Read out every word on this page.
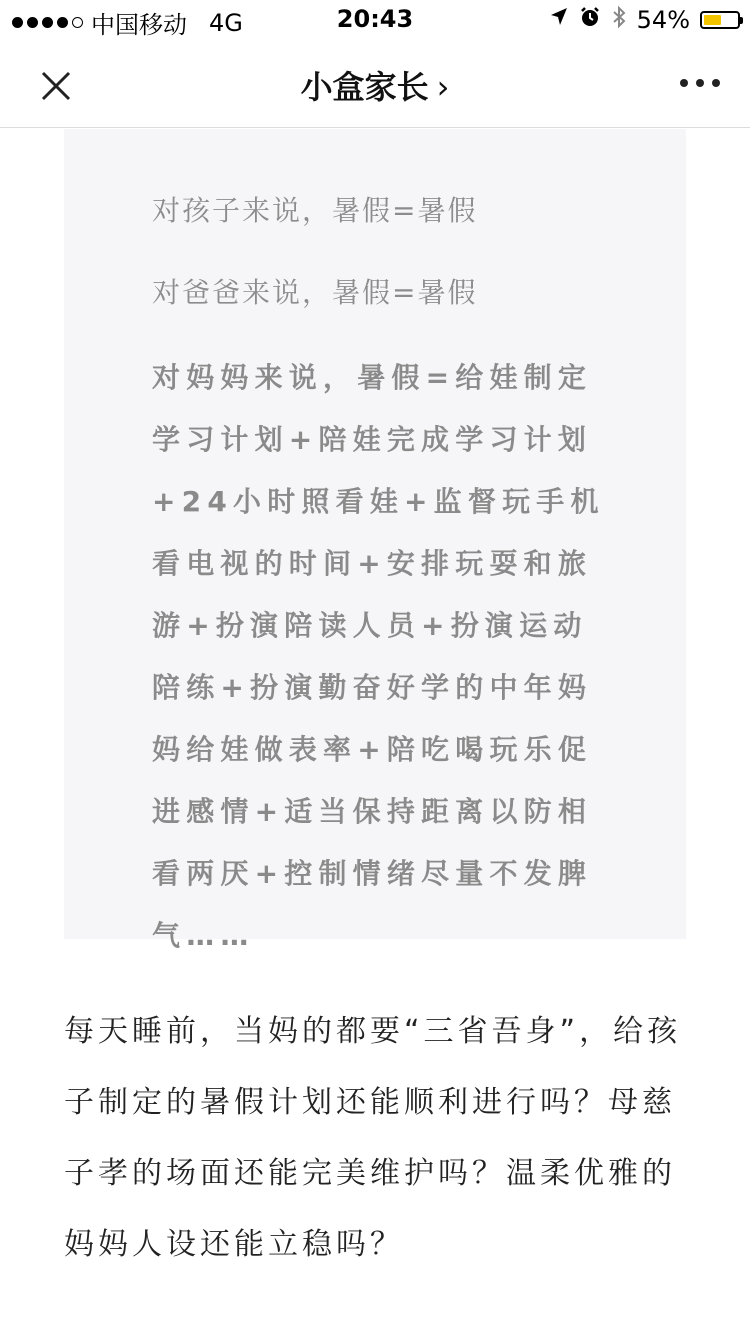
中国移动 4G	20:43	54%
小盒家长 ›
对孩子来说，暑假=暑假
对爸爸来说，暑假=暑假
对妈妈来说，暑假=给娃制定学习计划+陪娃完成学习计划+24小时照看娃+监督玩手机看电视的时间+安排玩耍和旅游+扮演陪读人员+扮演运动陪练+扮演勤奋好学的中年妈妈给娃做表率+陪吃喝玩乐促进感情+适当保持距离以防相看两厌+控制情绪尽量不发脾气……
每天睡前，当妈的都要“三省吾身”，给孩子制定的暑假计划还能顺利进行吗？母慈子孝的场面还能完美维护吗？温柔优雅的妈妈人设还能立稳吗？
